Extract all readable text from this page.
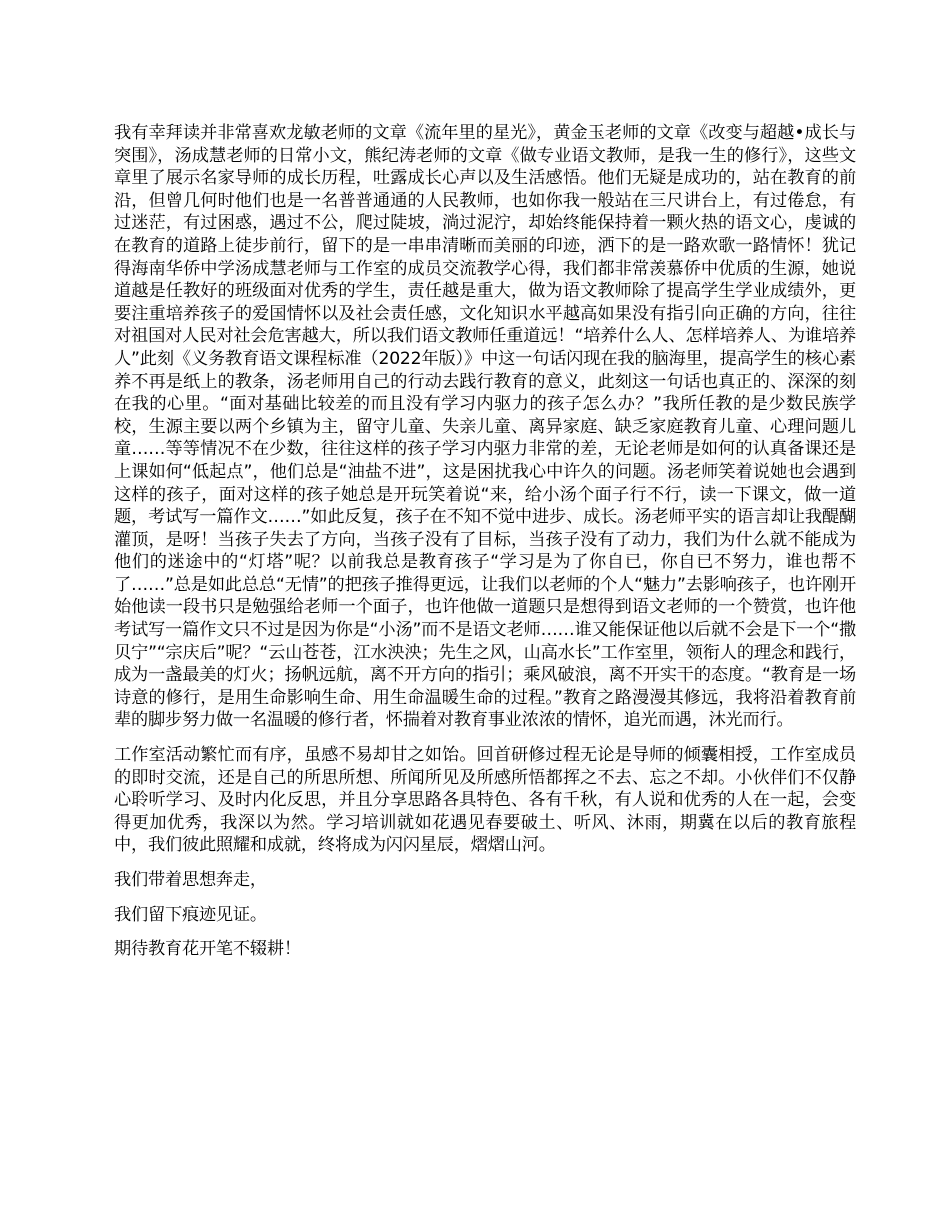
我有幸拜读并非常喜欢龙敏老师的文章《流年里的星光》，黄金玉老师的文章《改变与超越•成长与突围》，汤成慧老师的日常小文，熊纪涛老师的文章《做专业语文教师，是我一生的修行》，这些文章里了展示名家导师的成长历程，吐露成长心声以及生活感悟。他们无疑是成功的，站在教育的前沿，但曾几何时他们也是一名普普通通的人民教师，也如你我一般站在三尺讲台上，有过倦怠，有过迷茫，有过困惑，遇过不公，爬过陡坡，淌过泥泞，却始终能保持着一颗火热的语文心，虔诚的在教育的道路上徒步前行，留下的是一串串清晰而美丽的印迹，洒下的是一路欢歌一路情怀！犹记得海南华侨中学汤成慧老师与工作室的成员交流教学心得，我们都非常羡慕侨中优质的生源，她说道越是任教好的班级面对优秀的学生，责任越是重大，做为语文教师除了提高学生学业成绩外，更要注重培养孩子的爱国情怀以及社会责任感，文化知识水平越高如果没有指引向正确的方向，往往对祖国对人民对社会危害越大，所以我们语文教师任重道远！“培养什么人、怎样培养人、为谁培养人”此刻《义务教育语文课程标准（2022年版）》中这一句话闪现在我的脑海里，提高学生的核心素养不再是纸上的教条，汤老师用自己的行动去践行教育的意义，此刻这一句话也真正的、深深的刻在我的心里。“面对基础比较差的而且没有学习内驱力的孩子怎么办？”我所任教的是少数民族学校，生源主要以两个乡镇为主，留守儿童、失亲儿童、离异家庭、缺乏家庭教育儿童、心理问题儿童……等等情况不在少数，往往这样的孩子学习内驱力非常的差，无论老师是如何的认真备课还是上课如何“低起点”，他们总是“油盐不进”，这是困扰我心中许久的问题。汤老师笑着说她也会遇到这样的孩子，面对这样的孩子她总是开玩笑着说“来，给小汤个面子行不行，读一下课文，做一道题，考试写一篇作文……”如此反复，孩子在不知不觉中进步、成长。汤老师平实的语言却让我醍醐灌顶，是呀！当孩子失去了方向，当孩子没有了目标，当孩子没有了动力，我们为什么就不能成为他们的迷途中的“灯塔”呢？以前我总是教育孩子“学习是为了你自已，你自已不努力，谁也帮不了……”总是如此总总“无情”的把孩子推得更远，让我们以老师的个人“魅力”去影响孩子，也许刚开始他读一段书只是勉强给老师一个面子，也许他做一道题只是想得到语文老师的一个赞赏，也许他考试写一篇作文只不过是因为你是“小汤”而不是语文老师……谁又能保证他以后就不会是下一个“撒贝宁”“宗庆后”呢？“云山苍苍，江水泱泱；先生之风，山高水长”工作室里，领衔人的理念和践行，成为一盏最美的灯火；扬帆远航，离不开方向的指引；乘风破浪，离不开实干的态度。“教育是一场诗意的修行，是用生命影响生命、用生命温暖生命的过程。”教育之路漫漫其修远，我将沿着教育前辈的脚步努力做一名温暖的修行者，怀揣着对教育事业浓浓的情怀，追光而遇，沐光而行。

工作室活动繁忙而有序，虽感不易却甘之如饴。回首研修过程无论是导师的倾囊相授，工作室成员的即时交流，还是自己的所思所想、所闻所见及所感所悟都挥之不去、忘之不却。小伙伴们不仅静心聆听学习、及时内化反思，并且分享思路各具特色、各有千秋，有人说和优秀的人在一起，会变得更加优秀，我深以为然。学习培训就如花遇见春要破土、听风、沐雨，期冀在以后的教育旅程中，我们彼此照耀和成就，终将成为闪闪星辰，熠熠山河。

我们带着思想奔走，

我们留下痕迹见证。

期待教育花开笔不辍耕！
